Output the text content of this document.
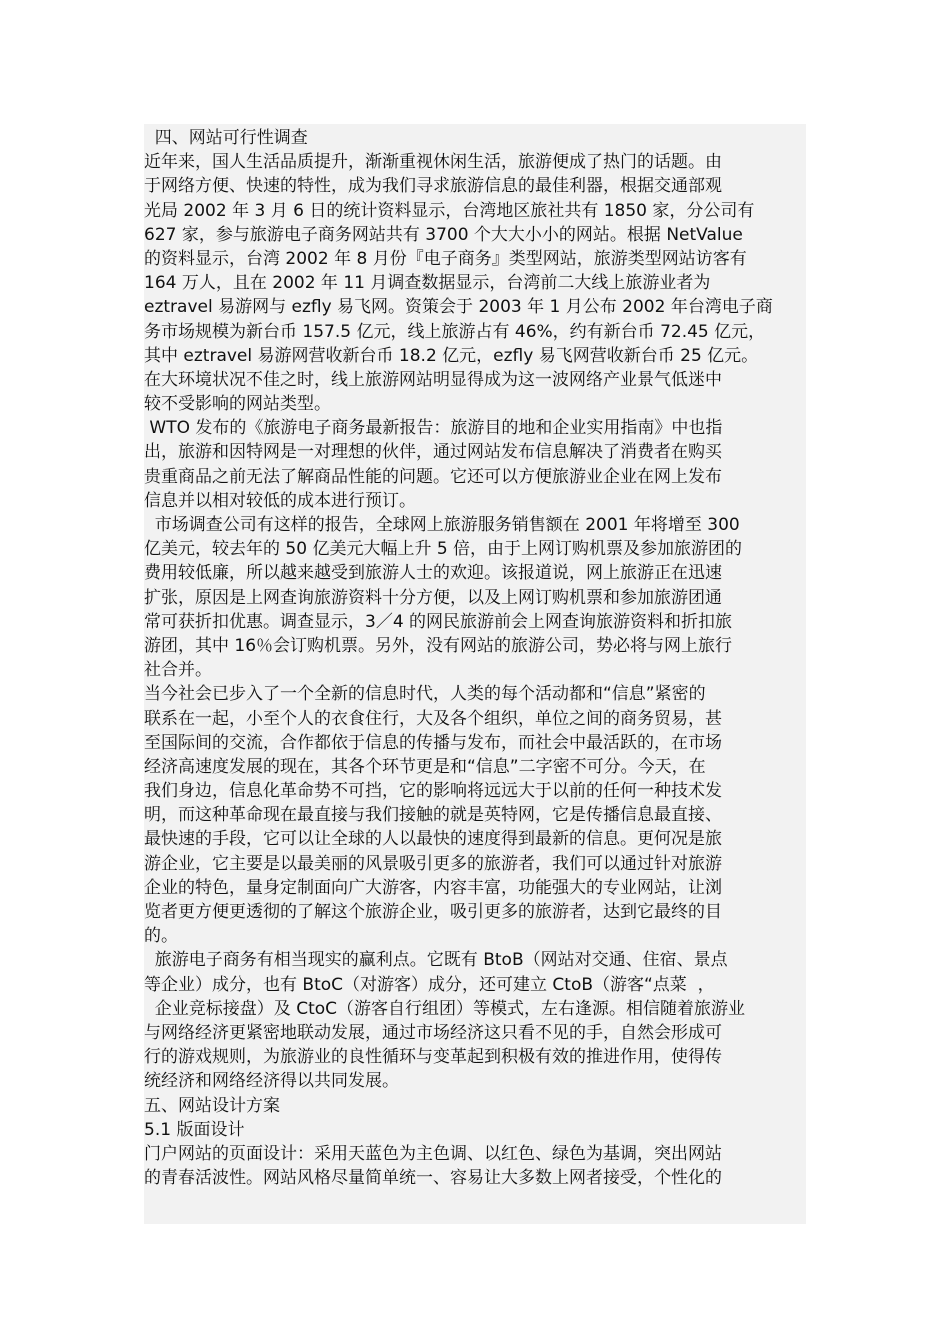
四、网站可行性调查
近年来，国人生活品质提升，渐渐重视休闲生活，旅游便成了热门的话题。由
于网络方便、快速的特性，成为我们寻求旅游信息的最佳利器，根据交通部观
光局 2002 年 3 月 6 日的统计资料显示，台湾地区旅社共有 1850 家，分公司有
627 家，参与旅游电子商务网站共有 3700 个大大小小的网站。根据 NetValue
的资料显示，台湾 2002 年 8 月份『电子商务』类型网站，旅游类型网站访客有
164 万人，且在 2002 年 11 月调查数据显示，台湾前二大线上旅游业者为
eztravel 易游网与 ezfly 易飞网。资策会于 2003 年 1 月公布 2002 年台湾电子商
务市场规模为新台币 157.5 亿元，线上旅游占有 46%，约有新台币 72.45 亿元，
其中 eztravel 易游网营收新台币 18.2 亿元，ezfly 易飞网营收新台币 25 亿元。
在大环境状况不佳之时，线上旅游网站明显得成为这一波网络产业景气低迷中
较不受影响的网站类型。
WTO 发布的《旅游电子商务最新报告：旅游目的地和企业实用指南》中也指
出，旅游和因特网是一对理想的伙伴，通过网站发布信息解决了消费者在购买
贵重商品之前无法了解商品性能的问题。它还可以方便旅游业企业在网上发布
信息并以相对较低的成本进行预订。
市场调查公司有这样的报告，全球网上旅游服务销售额在 2001 年将增至 300
亿美元，较去年的 50 亿美元大幅上升 5 倍，由于上网订购机票及参加旅游团的
费用较低廉，所以越来越受到旅游人士的欢迎。该报道说，网上旅游正在迅速
扩张，原因是上网查询旅游资料十分方便，以及上网订购机票和参加旅游团通
常可获折扣优惠。调查显示，3／4 的网民旅游前会上网查询旅游资料和折扣旅
游团，其中 16％会订购机票。另外，没有网站的旅游公司，势必将与网上旅行
社合并。
当今社会已步入了一个全新的信息时代，人类的每个活动都和“信息”紧密的
联系在一起，小至个人的衣食住行，大及各个组织，单位之间的商务贸易，甚
至国际间的交流，合作都依于信息的传播与发布，而社会中最活跃的，在市场
经济高速度发展的现在，其各个环节更是和“信息”二字密不可分。今天，在
我们身边，信息化革命势不可挡，它的影响将远远大于以前的任何一种技术发
明，而这种革命现在最直接与我们接触的就是英特网，它是传播信息最直接、
最快速的手段，它可以让全球的人以最快的速度得到最新的信息。更何况是旅
游企业，它主要是以最美丽的风景吸引更多的旅游者，我们可以通过针对旅游
企业的特色，量身定制面向广大游客，内容丰富，功能强大的专业网站，让浏
览者更方便更透彻的了解这个旅游企业，吸引更多的旅游者，达到它最终的目
的。
旅游电子商务有相当现实的赢利点。它既有 BtoB（网站对交通、住宿、景点
等企业）成分，也有 BtoC（对游客）成分，还可建立 CtoB（游客“点菜  ，
企业竞标接盘）及 CtoC（游客自行组团）等模式，左右逢源。相信随着旅游业
与网络经济更紧密地联动发展，通过市场经济这只看不见的手，自然会形成可
行的游戏规则，为旅游业的良性循环与变革起到积极有效的推进作用，使得传
统经济和网络经济得以共同发展。
五、网站设计方案
5.1 版面设计
门户网站的页面设计：采用天蓝色为主色调、以红色、绿色为基调，突出网站
的青春活波性。网站风格尽量简单统一、容易让大多数上网者接受，个性化的
